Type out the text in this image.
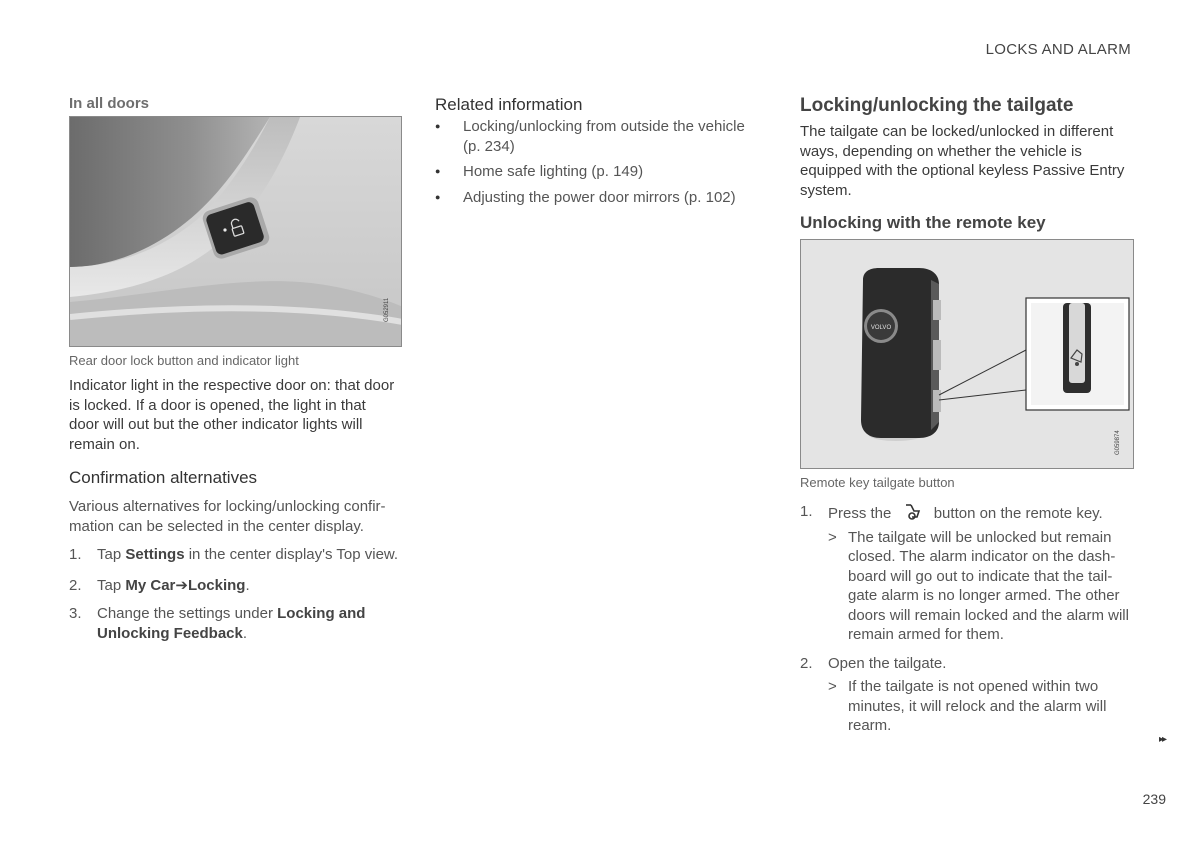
LOCKS AND ALARM
In all doors
G052911
Rear door lock button and indicator light

Indicator light in the respective door on: that door is locked. If a door is opened, the light in that door will out but the other indicator lights will remain on.

Confirmation alternatives

Various alternatives for locking/unlocking confir- mation can be selected in the center display.

1. Tap Settings in the center display's Top view.
2. Tap My Car➔Locking.
3. Change the settings under Locking and Unlocking Feedback.
Related information
● Locking/unlocking from outside the vehicle (p. 234)
● Home safe lighting (p. 149)
● Adjusting the power door mirrors (p. 102)
Locking/unlocking the tailgate

The tailgate can be locked/unlocked in different ways, depending on whether the vehicle is equipped with the optional keyless Passive Entry system.

Unlocking with the remote key
VOLVO
G059874
Remote key tailgate button
1. Press the	button on the remote key.
> The tailgate will be unlocked but remain closed. The alarm indicator on the dash- board will go out to indicate that the tail- gate alarm is no longer armed. The other doors will remain locked and the alarm will remain armed for them.
2. Open the tailgate.
> If the tailgate is not opened within two minutes, it will relock and the alarm will rearm.
▸▸
239
